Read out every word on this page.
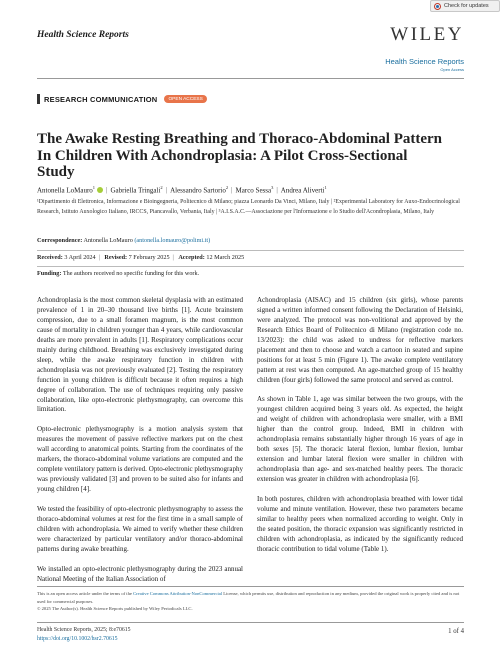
Check for updates
Health Science Reports	WILEY
Health Science Reports
Open Access
RESEARCH COMMUNICATION	OPEN ACCESS
The Awake Resting Breathing and Thoraco-Abdominal Pattern In Children With Achondroplasia: A Pilot Cross-Sectional Study
Antonella LoMauro$^1$ | Gabriella Tringali$^2$ | Alessandro Sartorio$^2$ | Marco Sessa$^3$ | Andrea Aliverti$^1$
¹Dipartimento di Elettronica, Informazione e Bioingegneria, Politecnico di Milano; piazza Leonardo Da Vinci, Milano, Italy | ²Experimental Laboratory for Auxo-Endocrinological Research, Istituto Auxologico Italiano, IRCCS, Piancavallo, Verbania, Italy | ³A.I.S.A.C.—Associazione per l'Informazione e lo Studio dell'Acondroplasia, Milano, Italy
Correspondence: Antonella LoMauro (antonella.lomauro@polimi.it)
Received: 3 April 2024 | Revised: 7 February 2025 | Accepted: 12 March 2025
Funding: The authors received no specific funding for this work.

Achondroplasia is the most common skeletal dysplasia with an estimated prevalence of 1 in 20–30 thousand live births [1]. Acute brainstem compression, due to a small foramen magnum, is the most common cause of mortality in children younger than 4 years, while cardiovascular deaths are more prevalent in adults [1]. Respiratory complications occur mainly during childhood. Breathing was exclusively investigated during sleep, while the awake respiratory function in children with achondroplasia was not previously evaluated [2]. Testing the respiratory function in young children is difficult because it often requires a high degree of collaboration. The use of techniques requiring only passive collaboration, like opto-electronic plethysmography, can overcome this limitation.

Opto-electronic plethysmography is a motion analysis system that measures the movement of passive reflective markers put on the chest wall according to anatomical points. Starting from the coordinates of the markers, the thoraco-abdominal volume variations are computed and the complete ventilatory pattern is derived. Opto-electronic plethysmography was previously validated [3] and proven to be suited also for infants and young children [4].

We tested the feasibility of opto-electronic plethysmography to assess the thoraco-abdominal volumes at rest for the first time in a small sample of children with achondroplasia. We aimed to verify whether these children were characterized by particular ventilatory and/or thoraco-abdominal patterns during awake breathing.

We installed an opto-electronic plethysmography during the 2023 annual National Meeting of the Italian Association of

Achondroplasia (AISAC) and 15 children (six girls), whose parents signed a written informed consent following the Declaration of Helsinki, were analyzed. The protocol was non-volitional and approved by the Research Ethics Board of Politecnico di Milano (registration code no. 13/2023): the child was asked to undress for reflective markers placement and then to choose and watch a cartoon in seated and supine positions for at least 5 min (Figure 1). The awake complete ventilatory pattern at rest was then computed. An age-matched group of 15 healthy children (four girls) followed the same protocol and served as control.

As shown in Table 1, age was similar between the two groups, with the youngest children acquired being 3 years old. As expected, the height and weight of children with achondroplasia were smaller, with a BMI higher than the control group. Indeed, BMI in children with achondroplasia remains substantially higher through 16 years of age in both sexes [5]. The thoracic lateral flexion, lumbar flexion, lumbar extension and lumbar lateral flexion were smaller in children with achondroplasia than age- and sex-matched healthy peers. The thoracic extension was greater in children with achondroplasia [6].

In both postures, children with achondroplasia breathed with lower tidal volume and minute ventilation. However, these two parameters became similar to healthy peers when normalized according to weight. Only in the seated position, the thoracic expansion was significantly restricted in children with achondroplasia, as indicated by the significantly reduced thoracic contribution to tidal volume (Table 1).

This is an open access article under the terms of the Creative Commons Attribution-NonCommercial License, which permits use, distribution and reproduction in any medium, provided the original work is properly cited and is not used for commercial purposes.
© 2025 The Author(s). Health Science Reports published by Wiley Periodicals LLC.
Health Science Reports, 2025; 8:e70615
https://doi.org/10.1002/hsr2.70615
1 of 4
